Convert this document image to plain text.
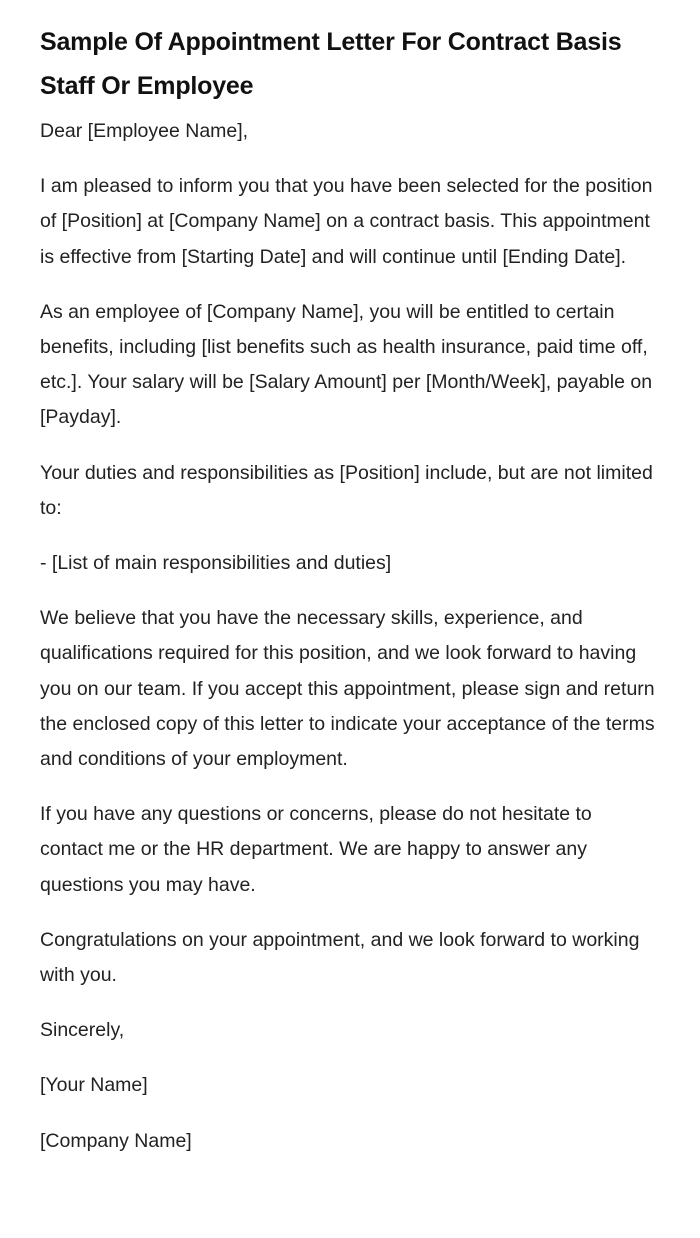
Sample Of Appointment Letter For Contract Basis Staff Or Employee

Dear [Employee Name],

I am pleased to inform you that you have been selected for the position of [Position] at [Company Name] on a contract basis. This appointment is effective from [Starting Date] and will continue until [Ending Date].

As an employee of [Company Name], you will be entitled to certain benefits, including [list benefits such as health insurance, paid time off, etc.]. Your salary will be [Salary Amount] per [Month/Week], payable on [Payday].

Your duties and responsibilities as [Position] include, but are not limited to:

- [List of main responsibilities and duties]

We believe that you have the necessary skills, experience, and qualifications required for this position, and we look forward to having you on our team. If you accept this appointment, please sign and return the enclosed copy of this letter to indicate your acceptance of the terms and conditions of your employment.

If you have any questions or concerns, please do not hesitate to contact me or the HR department. We are happy to answer any questions you may have.

Congratulations on your appointment, and we look forward to working with you.

Sincerely,

[Your Name]

[Company Name]
